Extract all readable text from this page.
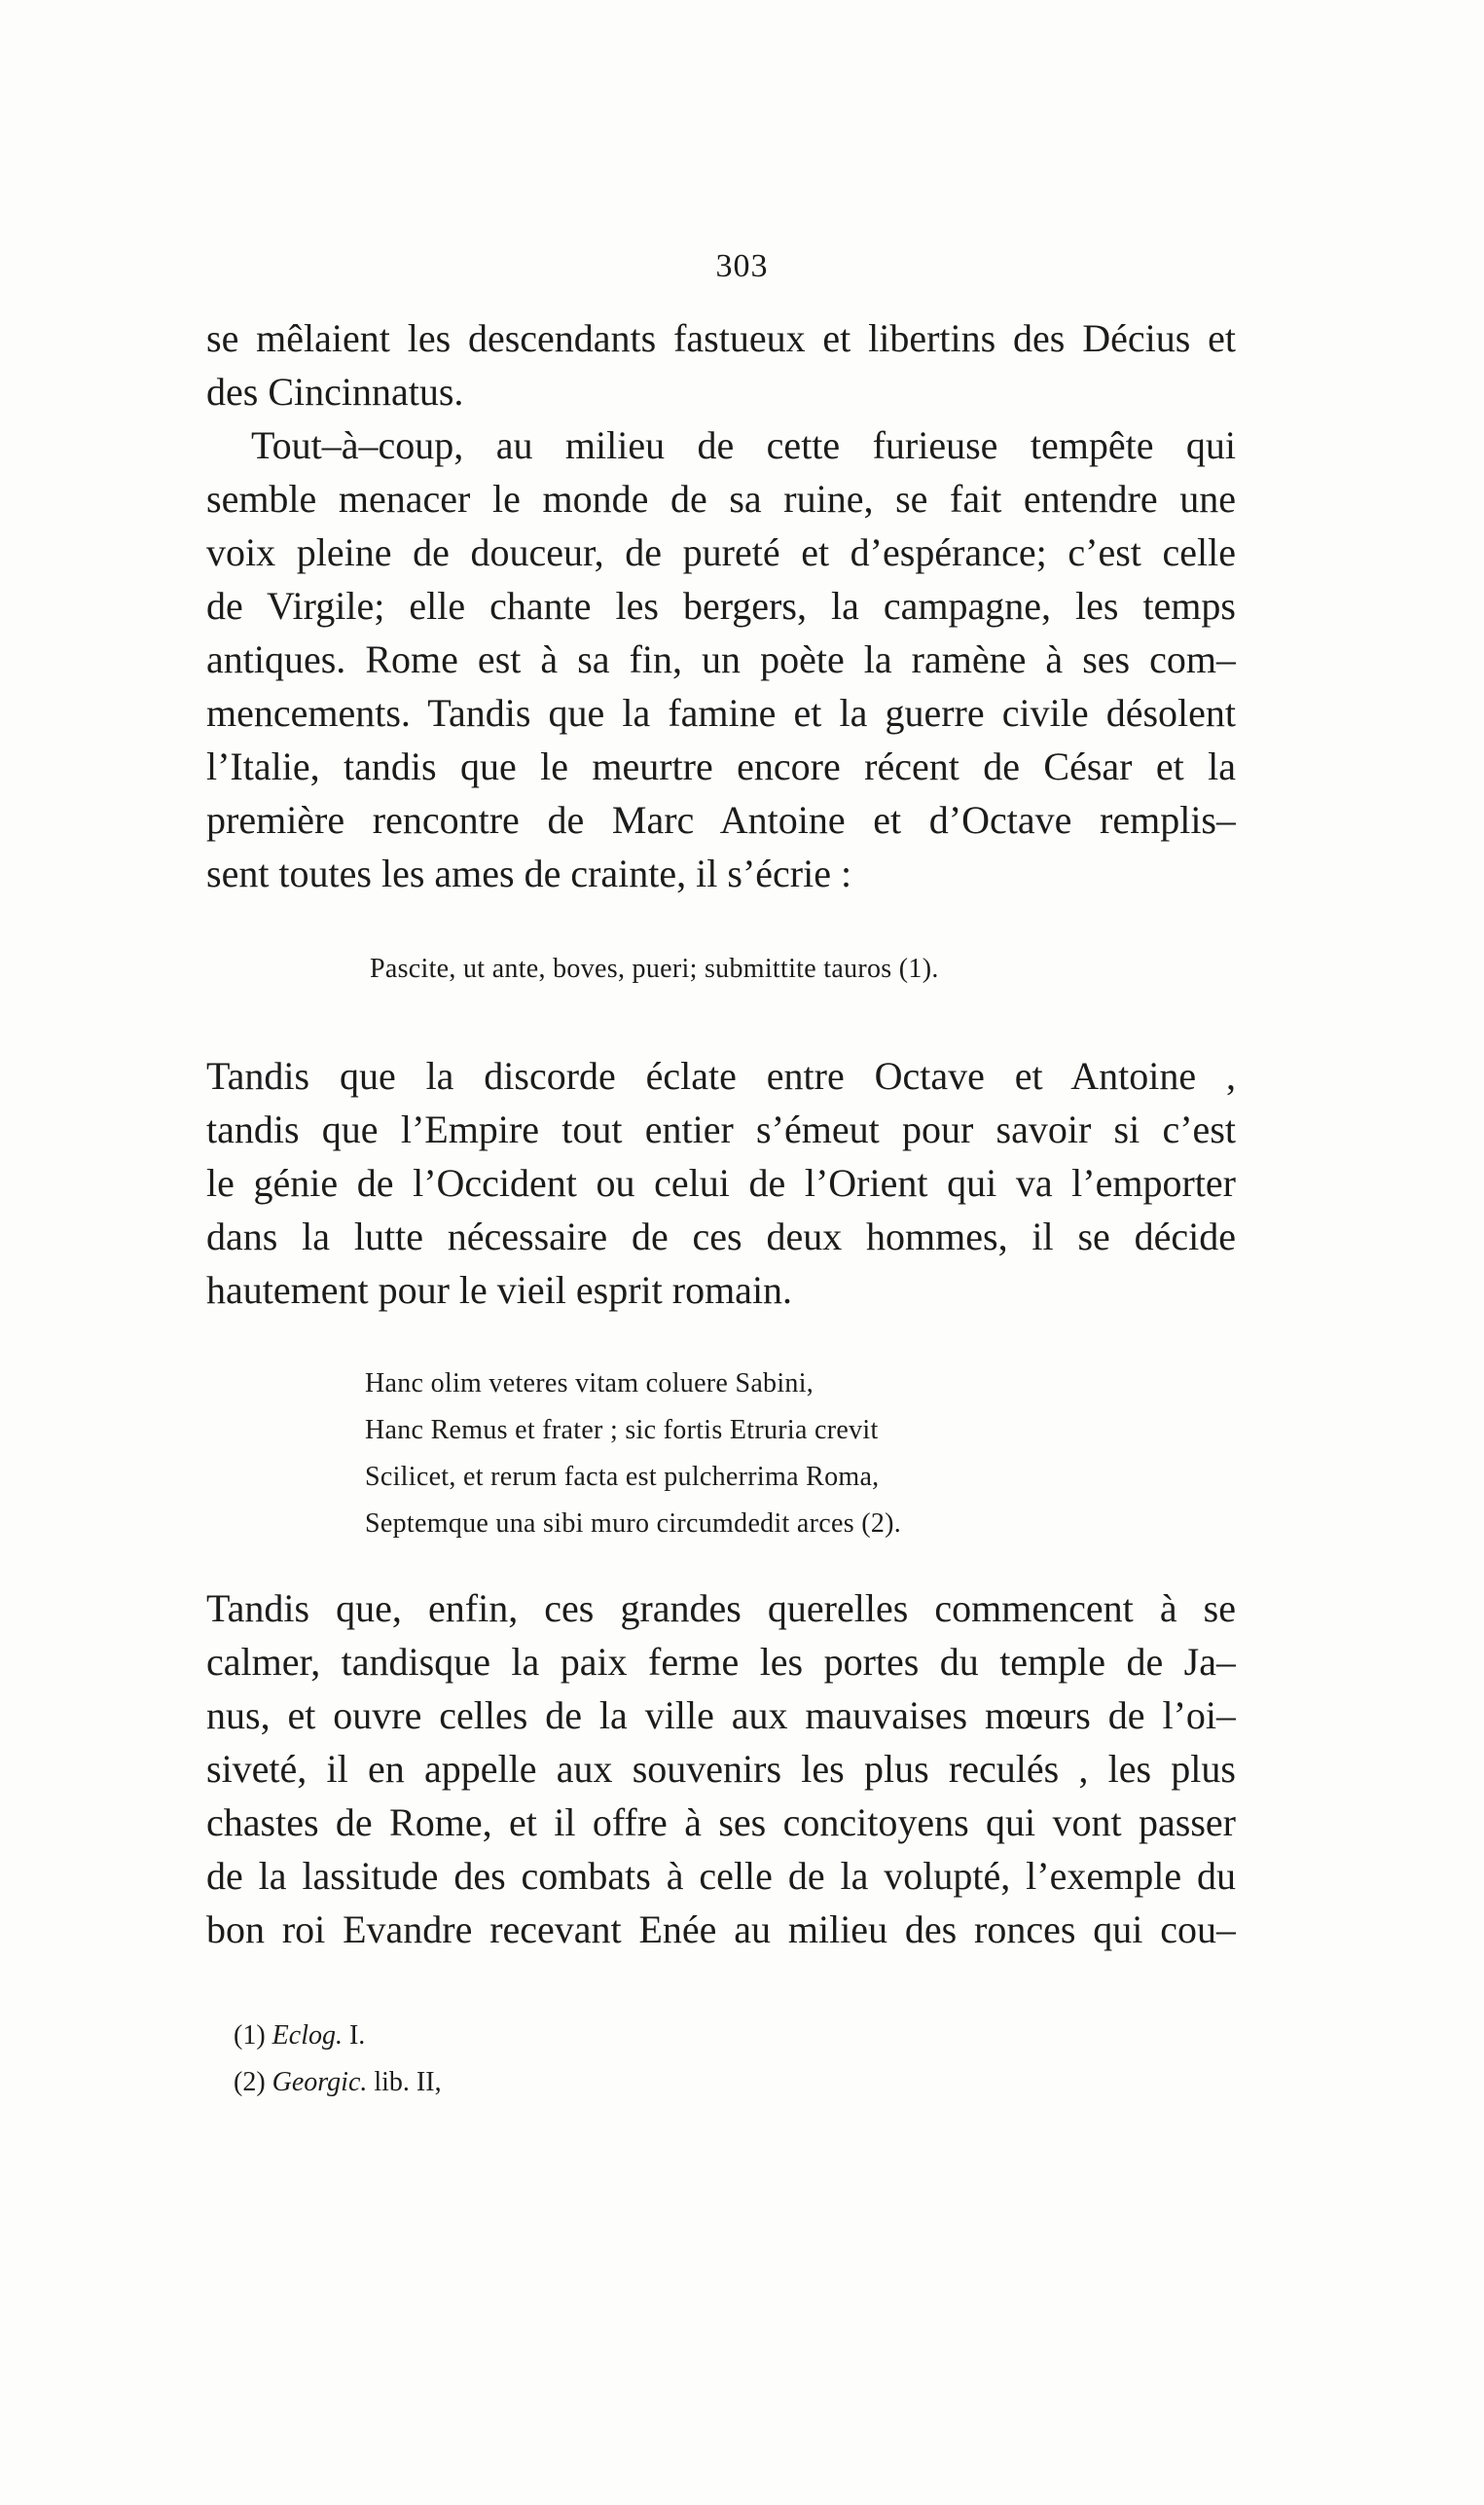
303
se mêlaient les descendants fastueux et libertins des Décius et
des Cincinnatus.
Tout–à–coup, au milieu de cette furieuse tempête qui
semble menacer le monde de sa ruine, se fait entendre une
voix pleine de douceur, de pureté et d’espérance; c’est celle
de Virgile; elle chante les bergers, la campagne, les temps
antiques. Rome est à sa fin, un poète la ramène à ses com–
mencements. Tandis que la famine et la guerre civile désolent
l’Italie, tandis que le meurtre encore récent de César et la
première rencontre de Marc Antoine et d’Octave remplis–
sent toutes les ames de crainte, il s’écrie :
Pascite, ut ante, boves, pueri; submittite tauros (1).
Tandis que la discorde éclate entre Octave et Antoine ,
tandis que l’Empire tout entier s’émeut pour savoir si c’est
le génie de l’Occident ou celui de l’Orient qui va l’emporter
dans la lutte nécessaire de ces deux hommes, il se décide
hautement pour le vieil esprit romain.
Hanc olim veteres vitam coluere Sabini,
Hanc Remus et frater ; sic fortis Etruria crevit
Scilicet, et rerum facta est pulcherrima Roma,
Septemque una sibi muro circumdedit arces (2).
Tandis que, enfin, ces grandes querelles commencent à se
calmer, tandisque la paix ferme les portes du temple de Ja–
nus, et ouvre celles de la ville aux mauvaises mœurs de l’oi–
siveté, il en appelle aux souvenirs les plus reculés , les plus
chastes de Rome, et il offre à ses concitoyens qui vont passer
de la lassitude des combats à celle de la volupté, l’exemple du
bon roi Evandre recevant Enée au milieu des ronces qui cou–
(1) Eclog. I.
(2) Georgic. lib. II,
